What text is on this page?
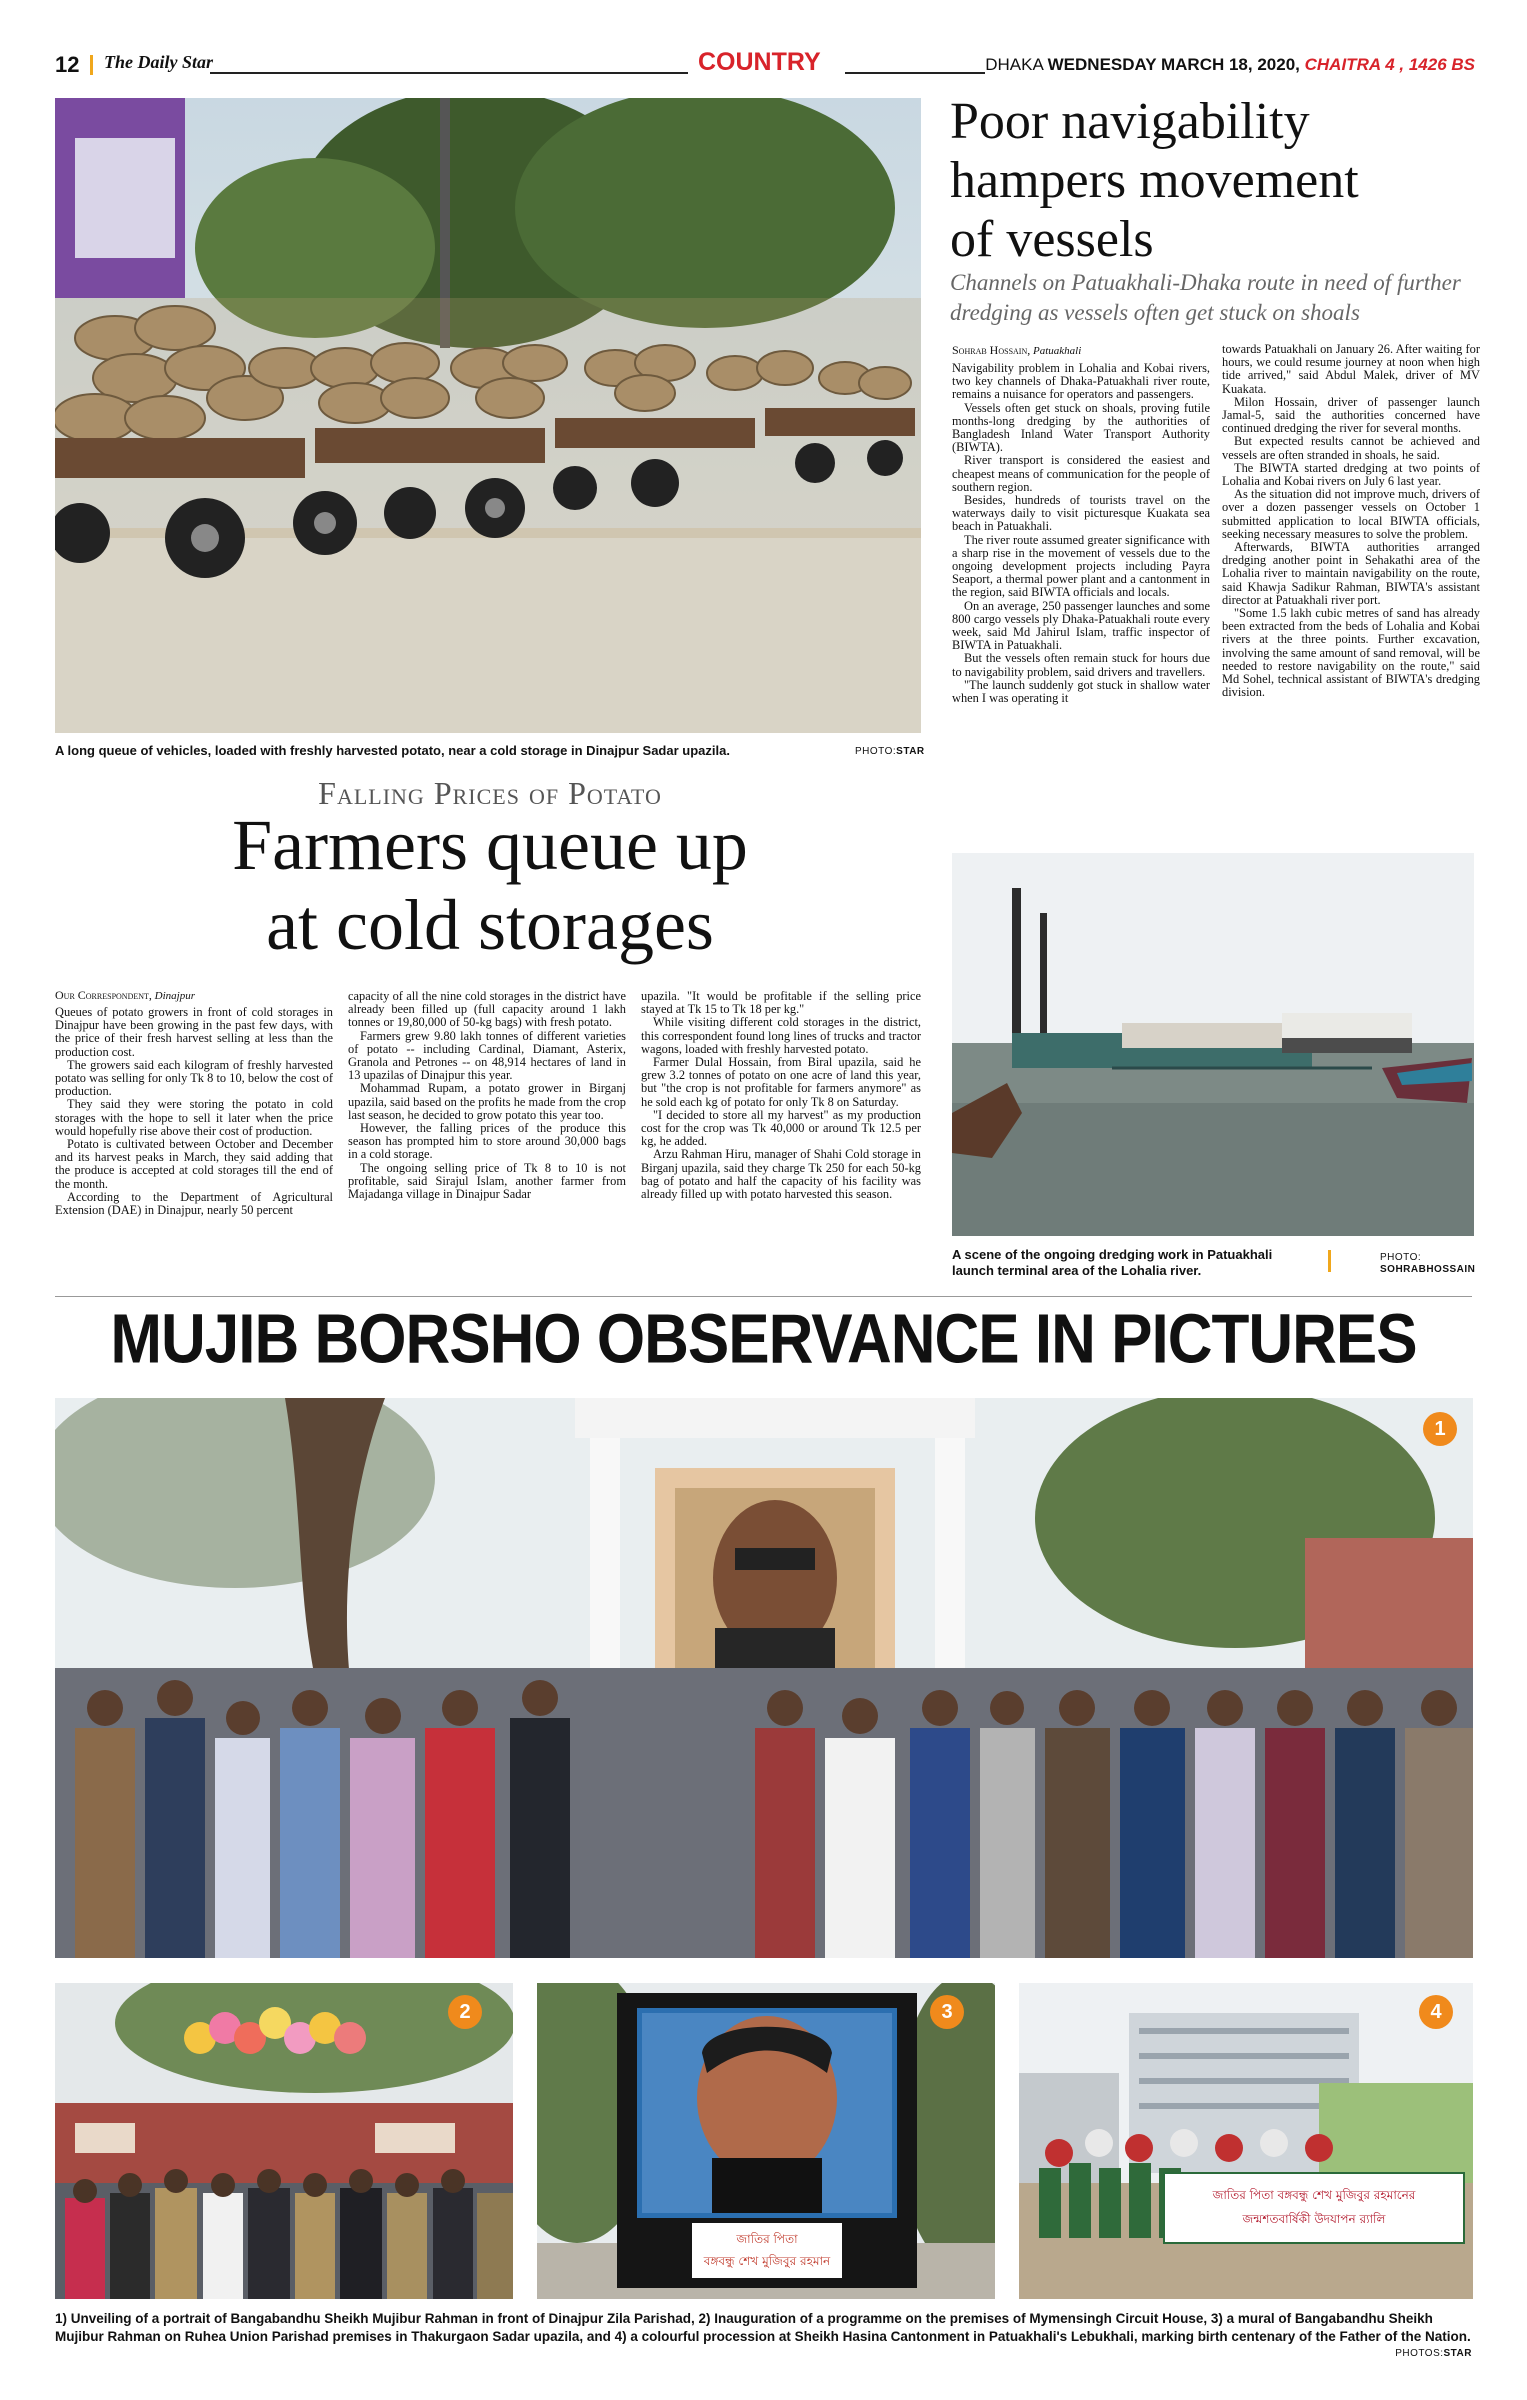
12 The Daily Star	COUNTRY	DHAKA WEDNESDAY MARCH 18, 2020, CHAITRA 4 , 1426 BS
A long queue of vehicles, loaded with freshly harvested potato, near a cold storage in Dinajpur Sadar upazila.	PHOTO:STAR
Falling Prices of Potato
Farmers queue up
at cold storages
Our Correspondent, Dinajpur

Queues of potato growers in front of cold storages in Dinajpur have been growing in the past few days, with the price of their fresh harvest selling at less than the production cost.

The growers said each kilogram of freshly harvested potato was selling for only Tk 8 to 10, below the cost of production.

They said they were storing the potato in cold storages with the hope to sell it later when the price would hopefully rise above their cost of production.

Potato is cultivated between October and December and its harvest peaks in March, they said adding that the produce is accepted at cold storages till the end of the month.

According to the Department of Agricultural Extension (DAE) in Dinajpur, nearly 50 percent

capacity of all the nine cold storages in the district have already been filled up (full capacity around 1 lakh tonnes or 19,80,000 of 50-kg bags) with fresh potato.

Farmers grew 9.80 lakh tonnes of different varieties of potato -- including Cardinal, Diamant, Asterix, Granola and Petrones -- on 48,914 hectares of land in 13 upazilas of Dinajpur this year.

Mohammad Rupam, a potato grower in Birganj upazila, said based on the profits he made from the crop last season, he decided to grow potato this year too.

However, the falling prices of the produce this season has prompted him to store around 30,000 bags in a cold storage.

The ongoing selling price of Tk 8 to 10 is not profitable, said Sirajul Islam, another farmer from Majadanga village in Dinajpur Sadar

upazila. "It would be profitable if the selling price stayed at Tk 15 to Tk 18 per kg."

While visiting different cold storages in the district, this correspondent found long lines of trucks and tractor wagons, loaded with freshly harvested potato.

Farmer Dulal Hossain, from Biral upazila, said he grew 3.2 tonnes of potato on one acre of land this year, but "the crop is not profitable for farmers anymore" as he sold each kg of potato for only Tk 8 on Saturday.

"I decided to store all my harvest" as my production cost for the crop was Tk 40,000 or around Tk 12.5 per kg, he added.

Arzu Rahman Hiru, manager of Shahi Cold storage in Birganj upazila, said they charge Tk 250 for each 50-kg bag of potato and half the capacity of his facility was already filled up with potato harvested this season.

Poor navigability
hampers movement
of vessels
Channels on Patuakhali-Dhaka route in need of further dredging as vessels often get stuck on shoals
Sohrab Hossain, Patuakhali

Navigability problem in Lohalia and Kobai rivers, two key channels of Dhaka-Patuakhali river route, remains a nuisance for operators and passengers.

Vessels often get stuck on shoals, proving futile months-long dredging by the authorities of Bangladesh Inland Water Transport Authority (BIWTA).

River transport is considered the easiest and cheapest means of communication for the people of southern region.

Besides, hundreds of tourists travel on the waterways daily to visit picturesque Kuakata sea beach in Patuakhali.

The river route assumed greater significance with a sharp rise in the movement of vessels due to the ongoing development projects including Payra Seaport, a thermal power plant and a cantonment in the region, said BIWTA officials and locals.

On an average, 250 passenger launches and some 800 cargo vessels ply Dhaka-Patuakhali route every week, said Md Jahirul Islam, traffic inspector of BIWTA in Patuakhali.

But the vessels often remain stuck for hours due to navigability problem, said drivers and travellers.

"The launch suddenly got stuck in shallow water when I was operating it

towards Patuakhali on January 26. After waiting for hours, we could resume journey at noon when high tide arrived," said Abdul Malek, driver of MV Kuakata.

Milon Hossain, driver of passenger launch Jamal-5, said the authorities concerned have continued dredging the river for several months.

But expected results cannot be achieved and vessels are often stranded in shoals, he said.

The BIWTA started dredging at two points of Lohalia and Kobai rivers on July 6 last year.

As the situation did not improve much, drivers of over a dozen passenger vessels on October 1 submitted application to local BIWTA officials, seeking necessary measures to solve the problem.

Afterwards, BIWTA authorities arranged dredging another point in Sehakathi area of the Lohalia river to maintain navigability on the route, said Khawja Sadikur Rahman, BIWTA's assistant director at Patuakhali river port.

"Some 1.5 lakh cubic metres of sand has already been extracted from the beds of Lohalia and Kobai rivers at the three points. Further excavation, involving the same amount of sand removal, will be needed to restore navigability on the route," said Md Sohel, technical assistant of BIWTA's dredging division.

A scene of the ongoing dredging work in Patuakhali launch terminal area of the Lohalia river.
PHOTO:
SOHRABHOSSAIN
MUJIB BORSHO OBSERVANCE IN PICTURES
1
2
জাতির পিতা
বঙ্গবন্ধু শেখ মুজিবুর রহমান
3
জাতির পিতা বঙ্গবন্ধু শেখ মুজিবুর রহমানের
জন্মশতবার্ষিকী উদযাপন র‍্যালি
4
1) Unveiling of a portrait of Bangabandhu Sheikh Mujibur Rahman in front of Dinajpur Zila Parishad, 2) Inauguration of a programme on the premises of Mymensingh Circuit House, 3) a mural of Bangabandhu Sheikh Mujibur Rahman on Ruhea Union Parishad premises in Thakurgaon Sadar upazila, and 4) a colourful procession at Sheikh Hasina Cantonment in Patuakhali's Lebukhali, marking birth centenary of the Father of the Nation.
PHOTOS:STAR
